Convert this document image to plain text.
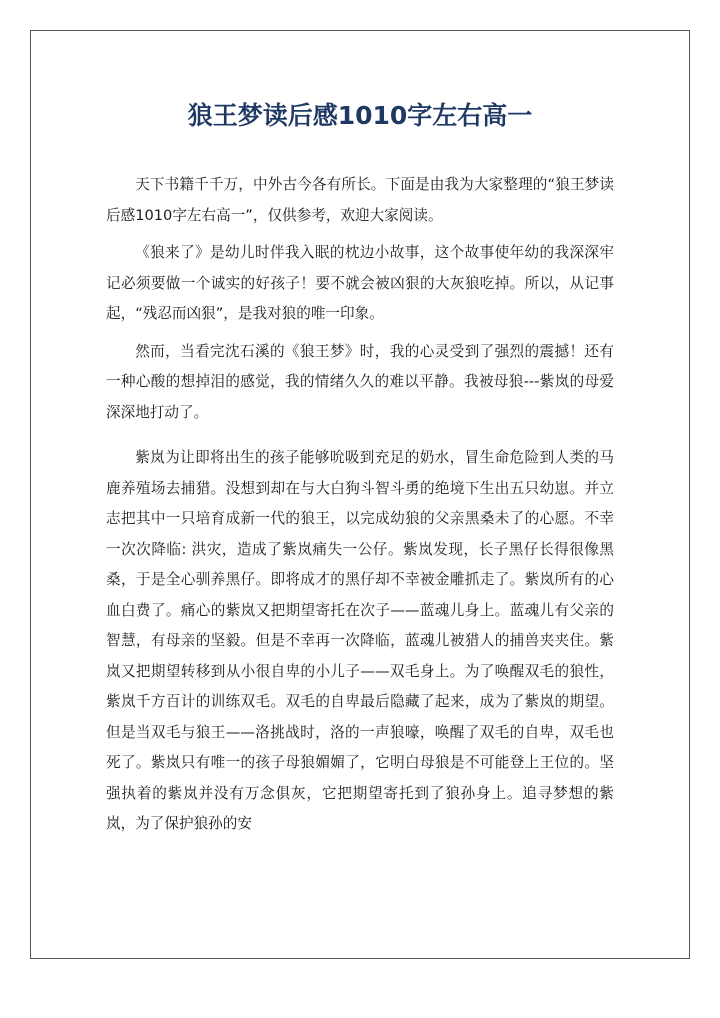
狼王梦读后感1010字左右高一

天下书籍千千万，中外古今各有所长。下面是由我为大家整理的“狼王梦读后感1010字左右高一”，仅供参考，欢迎大家阅读。

《狼来了》是幼儿时伴我入眠的枕边小故事，这个故事使年幼的我深深牢记必须要做一个诚实的好孩子！要不就会被凶狠的大灰狼吃掉。所以，从记事起，“残忍而凶狠”，是我对狼的唯一印象。

然而，当看完沈石溪的《狼王梦》时，我的心灵受到了强烈的震撼！还有一种心酸的想掉泪的感觉，我的情绪久久的难以平静。我被母狼---紫岚的母爱深深地打动了。

紫岚为让即将出生的孩子能够吮吸到充足的奶水，冒生命危险到人类的马鹿养殖场去捕猎。没想到却在与大白狗斗智斗勇的绝境下生出五只幼崽。并立志把其中一只培育成新一代的狼王，以完成幼狼的父亲黑桑未了的心愿。不幸一次次降临: 洪灾，造成了紫岚痛失一公仔。紫岚发现，长子黑仔长得很像黑桑，于是全心驯养黑仔。即将成才的黑仔却不幸被金雕抓走了。紫岚所有的心血白费了。痛心的紫岚又把期望寄托在次子——蓝魂儿身上。蓝魂儿有父亲的智慧，有母亲的坚毅。但是不幸再一次降临，蓝魂儿被猎人的捕兽夹夹住。紫岚又把期望转移到从小很自卑的小儿子——双毛身上。为了唤醒双毛的狼性，紫岚千方百计的训练双毛。双毛的自卑最后隐藏了起来，成为了紫岚的期望。但是当双毛与狼王——洛挑战时，洛的一声狼嚎，唤醒了双毛的自卑，双毛也死了。紫岚只有唯一的孩子母狼媚媚了，它明白母狼是不可能登上王位的。坚强执着的紫岚并没有万念俱灰，它把期望寄托到了狼孙身上。追寻梦想的紫岚，为了保护狼孙的安
